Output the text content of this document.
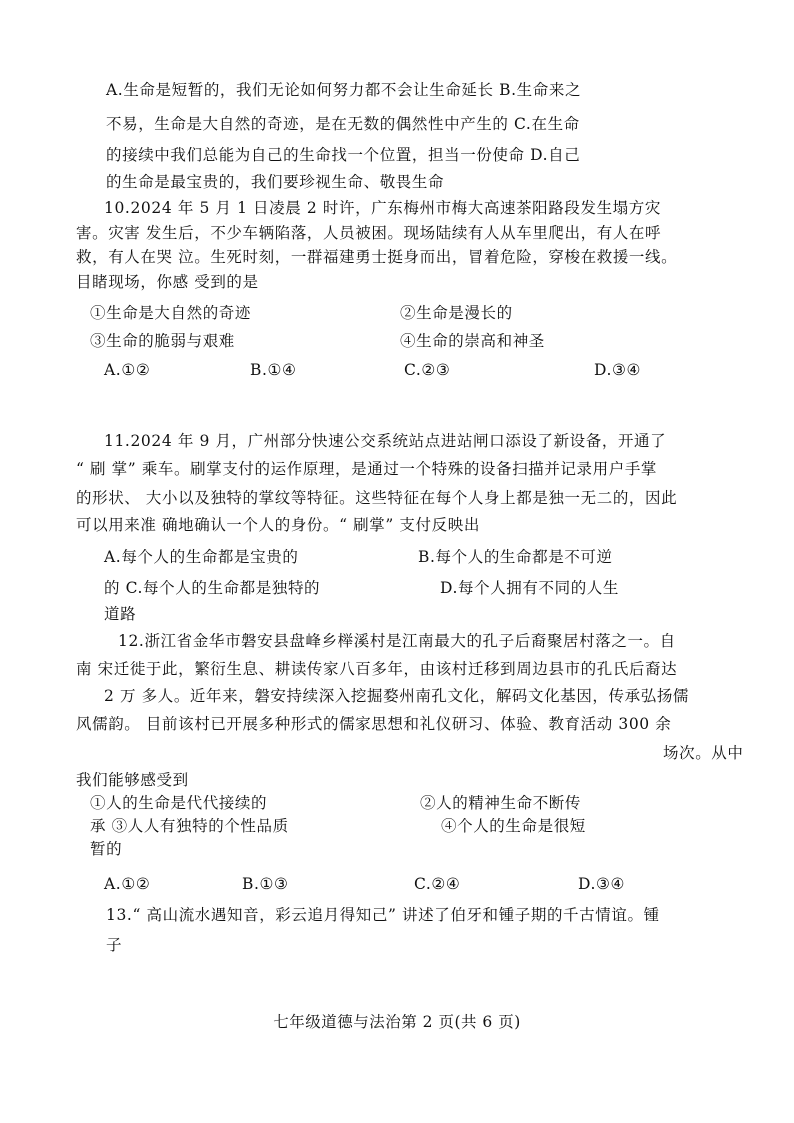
A.生命是短暂的，我们无论如何努力都不会让生命延长 B.生命来之
不易，生命是大自然的奇迹，是在无数的偶然性中产生的 C.在生命
的接续中我们总能为自己的生命找一个位置，担当一份使命 D.自己
的生命是最宝贵的，我们要珍视生命、敬畏生命
10.2024 年 5 月 1 日凌晨 2 时许，广东梅州市梅大高速茶阳路段发生塌方灾
害。灾害 发生后，不少车辆陷落，人员被困。现场陆续有人从车里爬出，有人在呼
救，有人在哭 泣。生死时刻，一群福建勇士挺身而出，冒着危险，穿梭在救援一线。
目睹现场，你感 受到的是
①生命是大自然的奇迹	②生命是漫长的
③生命的脆弱与艰难	④生命的崇高和神圣
A.①②	B.①④	C.②③	D.③④
11.2024 年 9 月，广州部分快速公交系统站点进站闸口添设了新设备，开通了
“ 刷 掌” 乘车。刷掌支付的运作原理，是通过一个特殊的设备扫描并记录用户手掌
的形状、 大小以及独特的掌纹等特征。这些特征在每个人身上都是独一无二的，因此
可以用来准 确地确认一个人的身份。“ 刷掌” 支付反映出
A.每个人的生命都是宝贵的	B.每个人的生命都是不可逆
的 C.每个人的生命都是独特的	D.每个人拥有不同的人生
道路
12.浙江省金华市磐安县盘峰乡榉溪村是江南最大的孔子后裔聚居村落之一。自
南 宋迁徙于此，繁衍生息、耕读传家八百多年，由该村迁移到周边县市的孔氏后裔达
2 万 多人。近年来，磐安持续深入挖掘婺州南孔文化，解码文化基因，传承弘扬儒
风儒韵。 目前该村已开展多种形式的儒家思想和礼仪研习、体验、教育活动 300 余
场次。从中
我们能够感受到
①人的生命是代代接续的	②人的精神生命不断传
承 ③人人有独特的个性品质	④个人的生命是很短
暂的
A.①②	B.①③	C.②④	D.③④
13.“ 高山流水遇知音，彩云追月得知己” 讲述了伯牙和锺子期的千古情谊。锺
子
七年级道德与法治第 2 页(共 6 页)
